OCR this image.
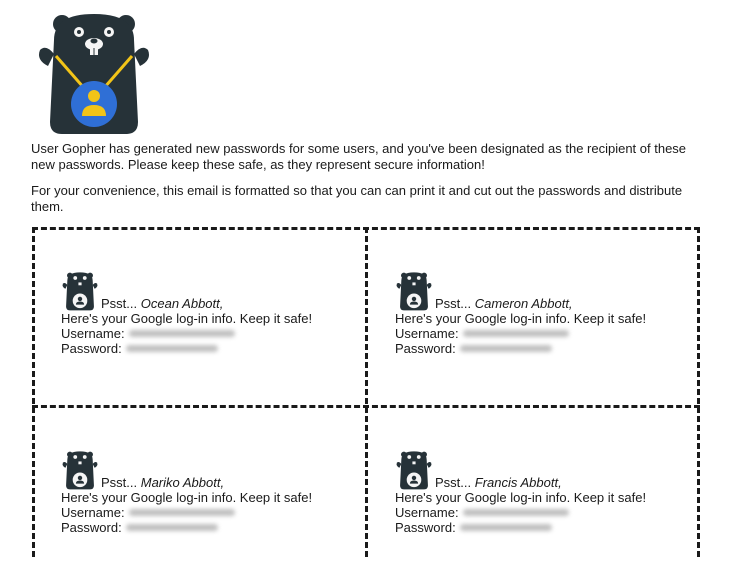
User Gopher has generated new passwords for some users, and you've been designated as the recipient of these new passwords. Please keep these safe, as they represent secure information!

For your convenience, this email is formatted so that you can can print it and cut out the passwords and distribute them.

Psst... Ocean Abbott,
Here's your Google log-in info. Keep it safe!
Username:
Password:
Psst... Cameron Abbott,
Here's your Google log-in info. Keep it safe!
Username:
Password:
Psst... Mariko Abbott,
Here's your Google log-in info. Keep it safe!
Username:
Password:
Psst... Francis Abbott,
Here's your Google log-in info. Keep it safe!
Username:
Password:
